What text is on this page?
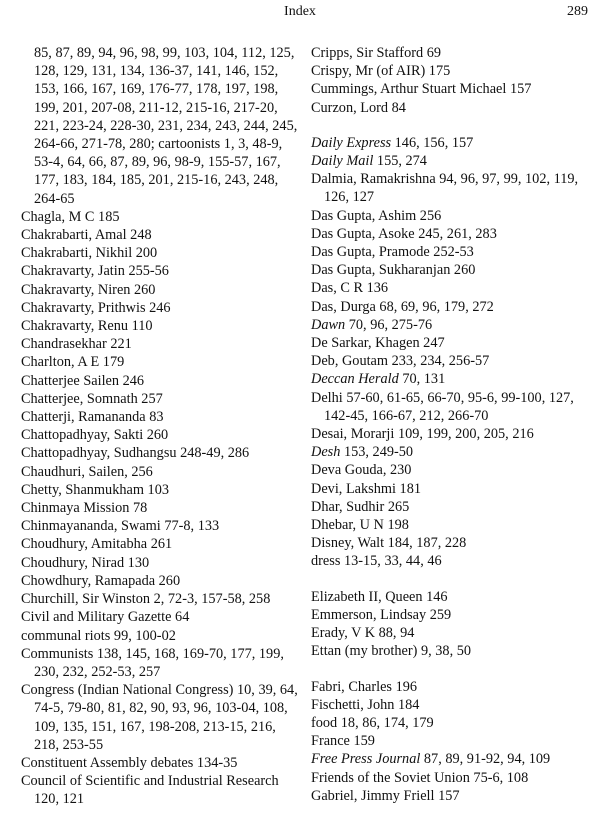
Index	289
85, 87, 89, 94, 96, 98, 99, 103, 104, 112, 125, 128, 129, 131, 134, 136-37, 141, 146, 152, 153, 166, 167, 169, 176-77, 178, 197, 198, 199, 201, 207-08, 211-12, 215-16, 217-20, 221, 223-24, 228-30, 231, 234, 243, 244, 245, 264-66, 271-78, 280; cartoonists 1, 3, 48-9, 53-4, 64, 66, 87, 89, 96, 98-9, 155-57, 167, 177, 183, 184, 185, 201, 215-16, 243, 248, 264-65
Chagla, M C 185
Chakrabarti, Amal 248
Chakrabarti, Nikhil 200
Chakravarty, Jatin 255-56
Chakravarty, Niren 260
Chakravarty, Prithwis 246
Chakravarty, Renu 110
Chandrasekhar 221
Charlton, A E 179
Chatterjee Sailen 246
Chatterjee, Somnath 257
Chatterji, Ramananda 83
Chattopadhyay, Sakti 260
Chattopadhyay, Sudhangsu 248-49, 286
Chaudhuri, Sailen, 256
Chetty, Shanmukham 103
Chinmaya Mission 78
Chinmayananda, Swami 77-8, 133
Choudhury, Amitabha 261
Choudhury, Nirad 130
Chowdhury, Ramapada 260
Churchill, Sir Winston 2, 72-3, 157-58, 258
Civil and Military Gazette 64
communal riots 99, 100-02
Communists 138, 145, 168, 169-70, 177, 199, 230, 232, 252-53, 257
Congress (Indian National Congress) 10, 39, 64, 74-5, 79-80, 81, 82, 90, 93, 96, 103-04, 108, 109, 135, 151, 167, 198-208, 213-15, 216, 218, 253-55
Constituent Assembly debates 134-35
Council of Scientific and Industrial Research 120, 121
Cripps, Sir Stafford 69
Crispy, Mr (of AIR) 175
Cummings, Arthur Stuart Michael 157
Curzon, Lord 84
Daily Express 146, 156, 157
Daily Mail 155, 274
Dalmia, Ramakrishna 94, 96, 97, 99, 102, 119, 126, 127
Das Gupta, Ashim 256
Das Gupta, Asoke 245, 261, 283
Das Gupta, Pramode 252-53
Das Gupta, Sukharanjan 260
Das, C R 136
Das, Durga 68, 69, 96, 179, 272
Dawn 70, 96, 275-76
De Sarkar, Khagen 247
Deb, Goutam 233, 234, 256-57
Deccan Herald 70, 131
Delhi 57-60, 61-65, 66-70, 95-6, 99-100, 127, 142-45, 166-67, 212, 266-70
Desai, Morarji 109, 199, 200, 205, 216
Desh 153, 249-50
Deva Gouda, 230
Devi, Lakshmi 181
Dhar, Sudhir 265
Dhebar, U N 198
Disney, Walt 184, 187, 228
dress 13-15, 33, 44, 46
Elizabeth II, Queen 146
Emmerson, Lindsay 259
Erady, V K 88, 94
Ettan (my brother) 9, 38, 50
Fabri, Charles 196
Fischetti, John 184
food 18, 86, 174, 179
France 159
Free Press Journal 87, 89, 91-92, 94, 109
Friends of the Soviet Union 75-6, 108
Gabriel, Jimmy Friell 157
